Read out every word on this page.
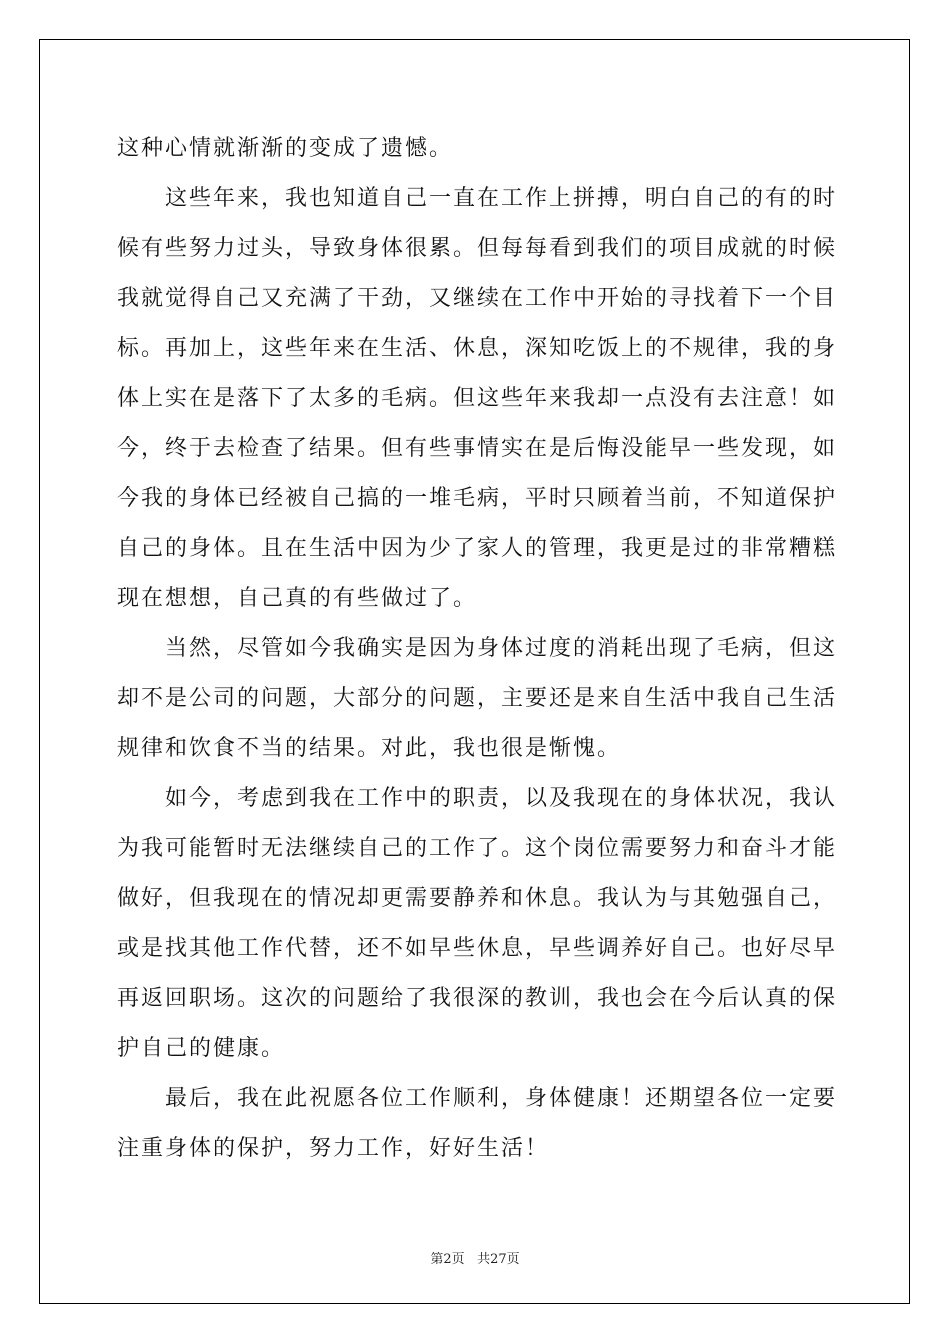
这种心情就渐渐的变成了遗憾。

这些年来，我也知道自己一直在工作上拼搏，明白自己的有的时候有些努力过头，导致身体很累。但每每看到我们的项目成就的时候我就觉得自己又充满了干劲，又继续在工作中开始的寻找着下一个目标。再加上，这些年来在生活、休息，深知吃饭上的不规律，我的身体上实在是落下了太多的毛病。但这些年来我却一点没有去注意！如今，终于去检查了结果。但有些事情实在是后悔没能早一些发现，如今我的身体已经被自己搞的一堆毛病，平时只顾着当前，不知道保护自己的身体。且在生活中因为少了家人的管理，我更是过的非常糟糕现在想想，自己真的有些做过了。

当然，尽管如今我确实是因为身体过度的消耗出现了毛病，但这却不是公司的问题，大部分的问题，主要还是来自生活中我自己生活规律和饮食不当的结果。对此，我也很是惭愧。

如今，考虑到我在工作中的职责，以及我现在的身体状况，我认为我可能暂时无法继续自己的工作了。这个岗位需要努力和奋斗才能做好，但我现在的情况却更需要静养和休息。我认为与其勉强自己，或是找其他工作代替，还不如早些休息，早些调养好自己。也好尽早再返回职场。这次的问题给了我很深的教训，我也会在今后认真的保护自己的健康。

最后，我在此祝愿各位工作顺利，身体健康！还期望各位一定要注重身体的保护，努力工作，好好生活！

第2页 共27页
